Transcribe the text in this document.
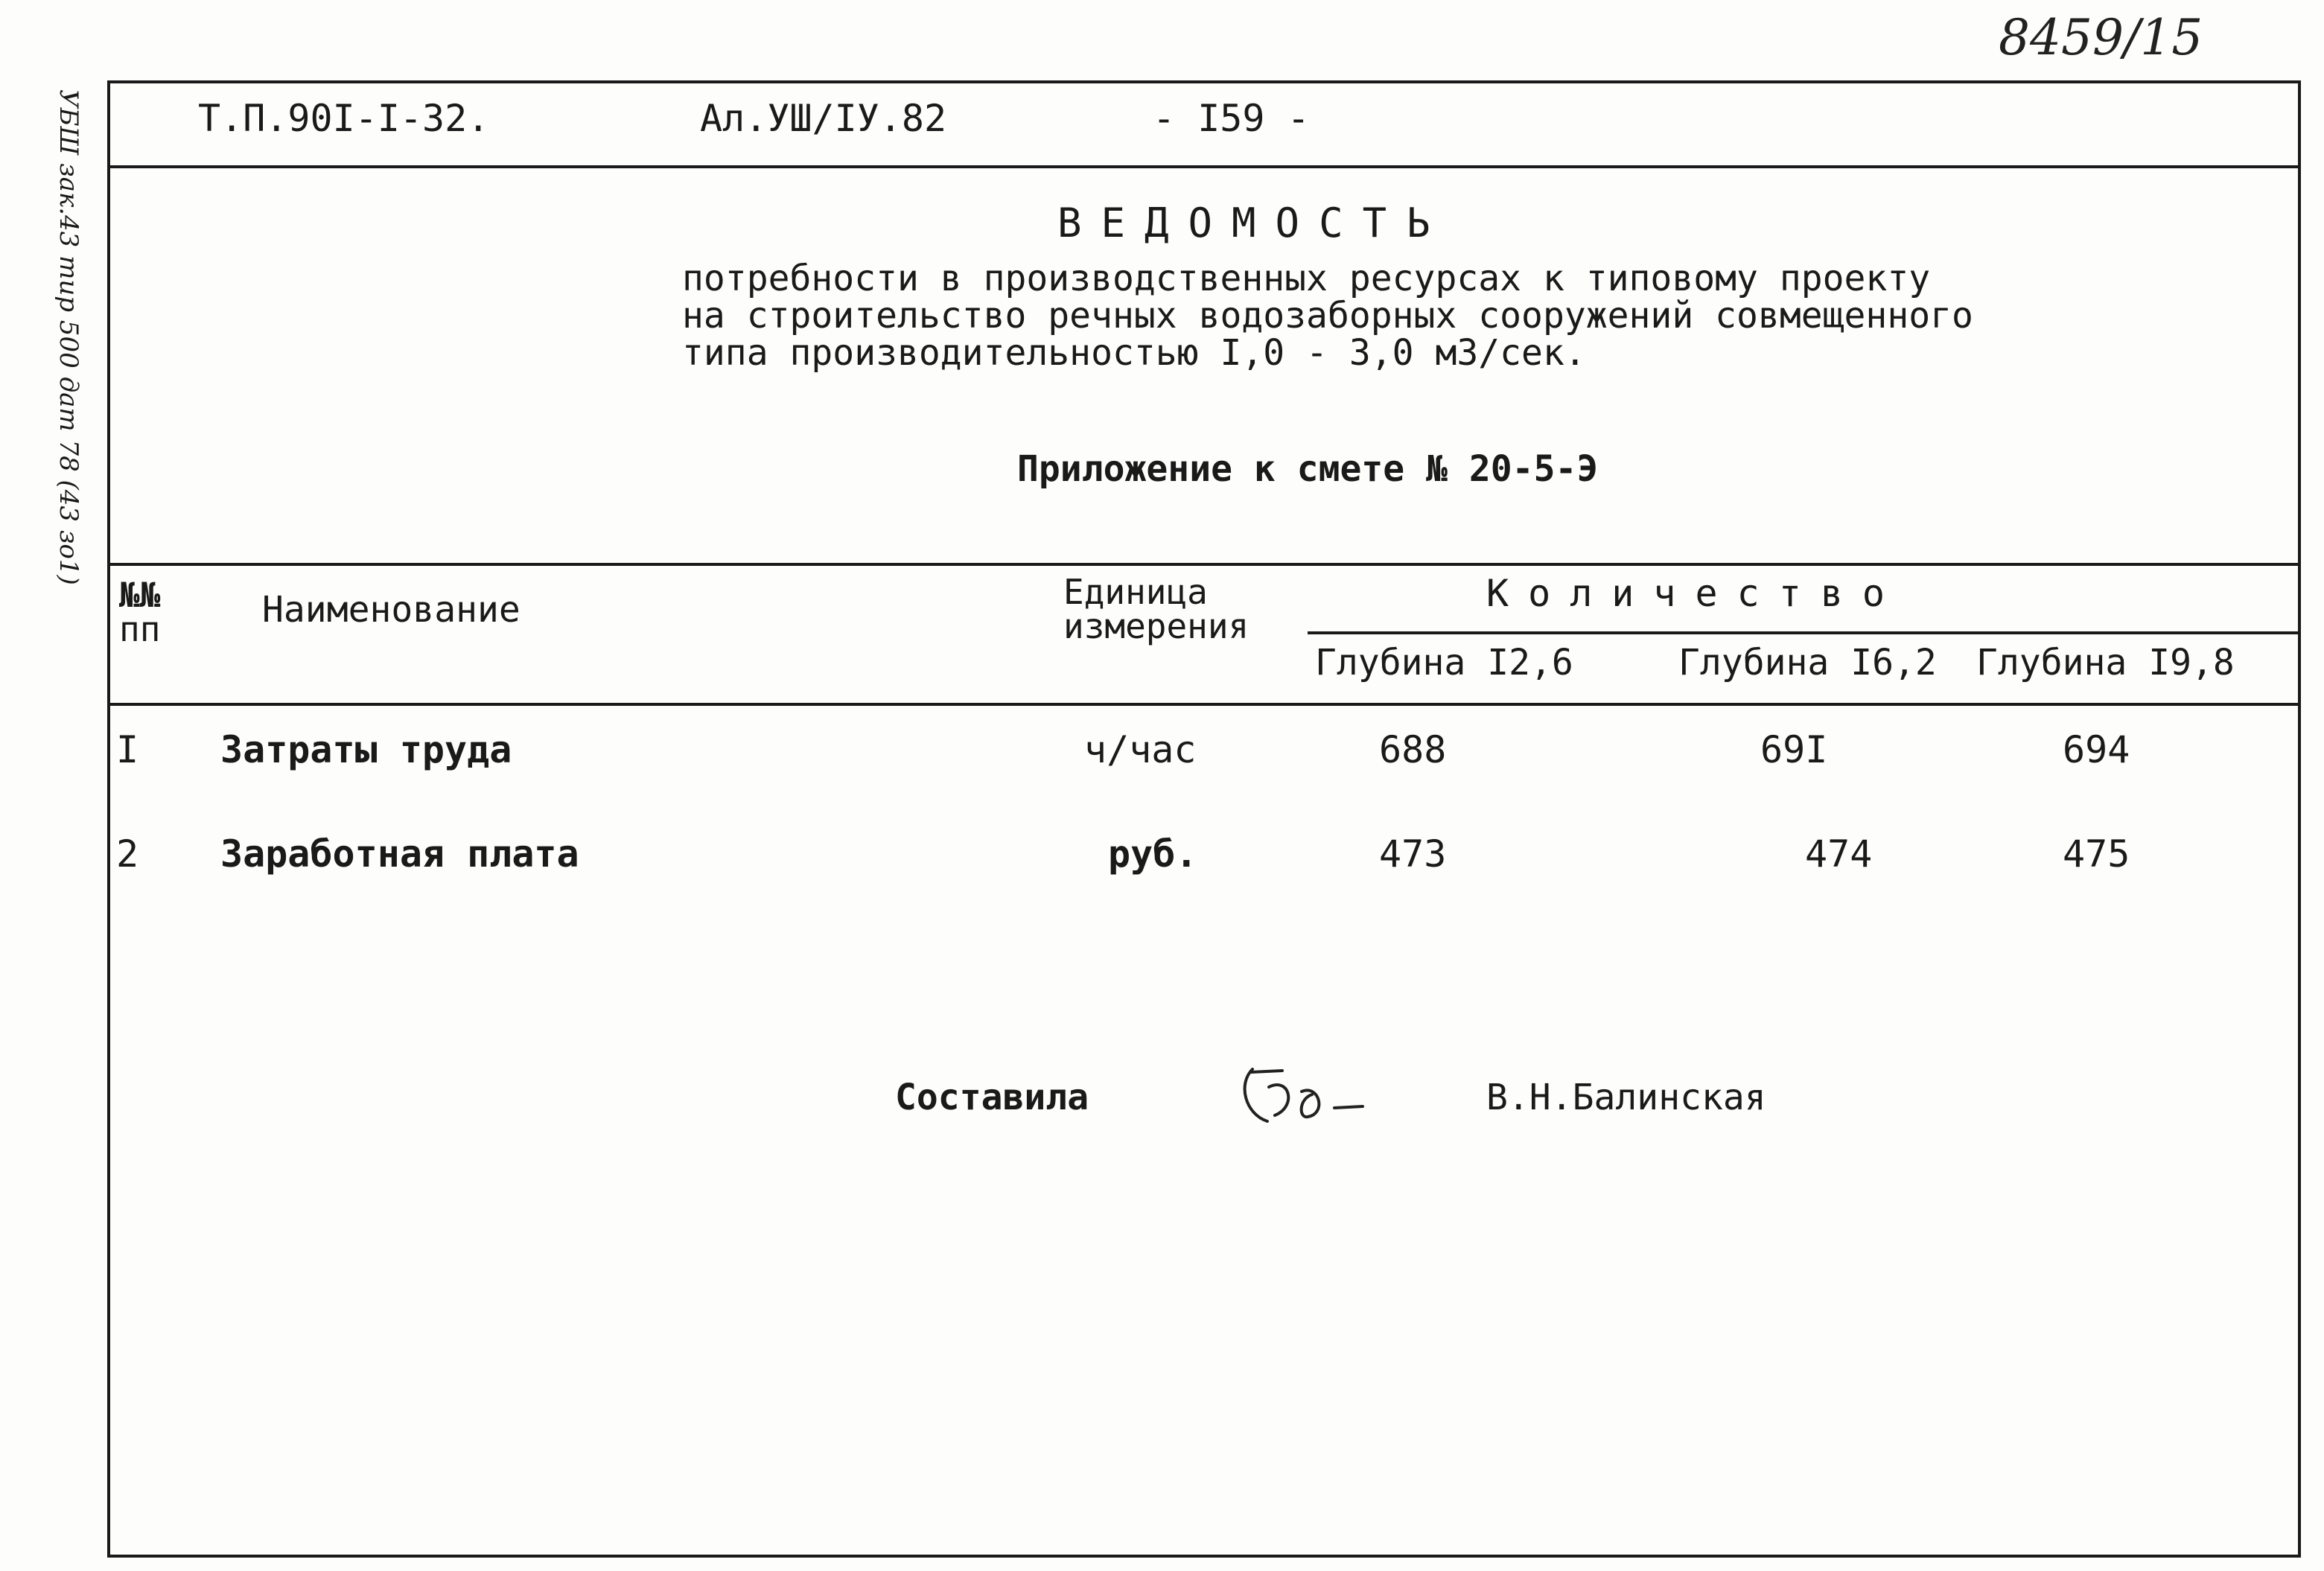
УБШ зак.43 тир 500 дат 78 (43 зо1)
8459/15
Т.П.90I-I-32.	Ал.УШ/IУ.82	- I59 -
ВЕДОМОСТЬ
потребности в производственных ресурсах к типовому проекту
на строительство речных водозаборных сооружений совмещенного
типа производительностью I,0 - 3,0 м3/сек.
Приложение к смете № 20-5-Э
№№
пп	Наименование	Единица
измерения
Количество
Глубина I2,6	Глубина I6,2 Глубина I9,8
I Затраты труда	ч/час	688	69I	694
2 Заработная плата	руб.	473	474	475
Составила	В.Н.Балинская
